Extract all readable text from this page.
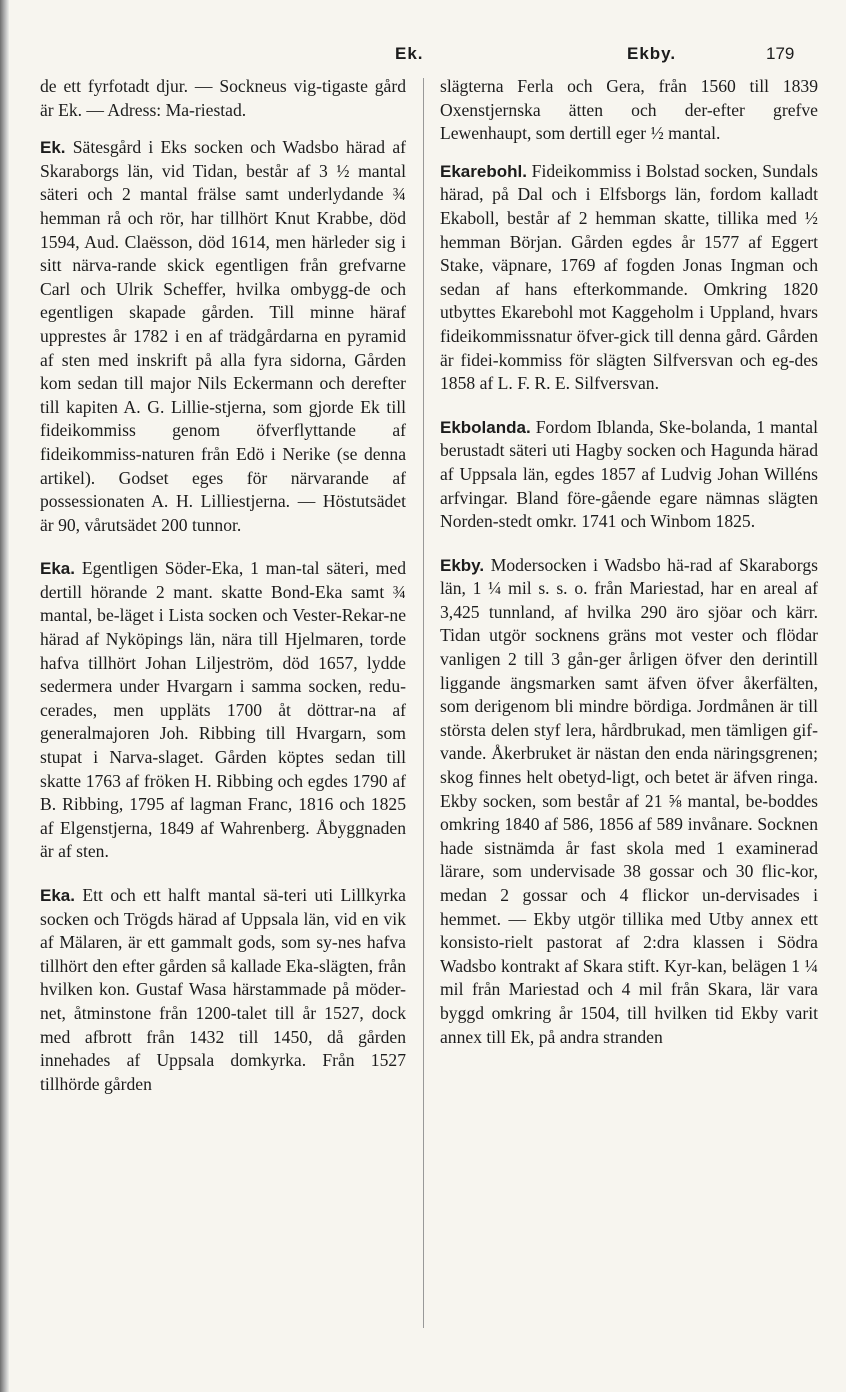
Ek.	Ekby.	179

de ett fyrfotadt djur. — Sockneus vig-tigaste gård är Ek. — Adress: Ma-riestad.

Ek. Sätesgård i Eks socken och Wadsbo härad af Skaraborgs län, vid Tidan, består af 3 ½ mantal säteri och 2 mantal frälse samt underlydande ¾ hemman rå och rör, har tillhört Knut Krabbe, död 1594, Aud. Claësson, död 1614, men härleder sig i sitt närva-rande skick egentligen från grefvarne Carl och Ulrik Scheffer, hvilka ombygg-de och egentligen skapade gården. Till minne häraf upprestes år 1782 i en af trädgårdarna en pyramid af sten med inskrift på alla fyra sidorna, Gården kom sedan till major Nils Eckermann och derefter till kapiten A. G. Lillie-stjerna, som gjorde Ek till fideikommiss genom öfverflyttande af fideikommiss-naturen från Edö i Nerike (se denna artikel). Godset eges för närvarande af possessionaten A. H. Lilliestjerna. — Höstutsädet är 90, vårutsädet 200 tunnor.

Eka. Egentligen Söder-Eka, 1 man-tal säteri, med dertill hörande 2 mant. skatte Bond-Eka samt ¾ mantal, be-läget i Lista socken och Vester-Rekar-ne härad af Nyköpings län, nära till Hjelmaren, torde hafva tillhört Johan Liljeström, död 1657, lydde sedermera under Hvargarn i samma socken, redu-cerades, men uppläts 1700 åt döttrar-na af generalmajoren Joh. Ribbing till Hvargarn, som stupat i Narva-slaget. Gården köptes sedan till skatte 1763 af fröken H. Ribbing och egdes 1790 af B. Ribbing, 1795 af lagman Franc, 1816 och 1825 af Elgenstjerna, 1849 af Wahrenberg. Åbyggnaden är af sten.

Eka. Ett och ett halft mantal sä-teri uti Lillkyrka socken och Trögds härad af Uppsala län, vid en vik af Mälaren, är ett gammalt gods, som sy-nes hafva tillhört den efter gården så kallade Eka-slägten, från hvilken kon. Gustaf Wasa härstammade på möder-net, åtminstone från 1200-talet till år 1527, dock med afbrott från 1432 till 1450, då gården innehades af Uppsala domkyrka. Från 1527 tillhörde gården

slägterna Ferla och Gera, från 1560 till 1839 Oxenstjernska ätten och der-efter grefve Lewenhaupt, som dertill eger ½ mantal.

Ekarebohl. Fideikommiss i Bolstad socken, Sundals härad, på Dal och i Elfsborgs län, fordom kalladt Ekaboll, består af 2 hemman skatte, tillika med ½ hemman Början. Gården egdes år 1577 af Eggert Stake, väpnare, 1769 af fogden Jonas Ingman och sedan af hans efterkommande. Omkring 1820 utbyttes Ekarebohl mot Kaggeholm i Uppland, hvars fideikommissnatur öfver-gick till denna gård. Gården är fidei-kommiss för slägten Silfversvan och eg-des 1858 af L. F. R. E. Silfversvan.

Ekbolanda. Fordom Iblanda, Ske-bolanda, 1 mantal berustadt säteri uti Hagby socken och Hagunda härad af Uppsala län, egdes 1857 af Ludvig Johan Willéns arfvingar. Bland före-gående egare nämnas slägten Norden-stedt omkr. 1741 och Winbom 1825.

Ekby. Modersocken i Wadsbo hä-rad af Skaraborgs län, 1 ¼ mil s. s. o. från Mariestad, har en areal af 3,425 tunnland, af hvilka 290 äro sjöar och kärr. Tidan utgör socknens gräns mot vester och flödar vanligen 2 till 3 gån-ger årligen öfver den derintill liggande ängsmarken samt äfven öfver åkerfälten, som derigenom bli mindre bördiga. Jordmånen är till största delen styf lera, hårdbrukad, men tämligen gif-vande. Åkerbruket är nästan den enda näringsgrenen; skog finnes helt obetyd-ligt, och betet är äfven ringa. Ekby socken, som består af 21 ⅝ mantal, be-boddes omkring 1840 af 586, 1856 af 589 invånare. Socknen hade sistnämda år fast skola med 1 examinerad lärare, som undervisade 38 gossar och 30 flic-kor, medan 2 gossar och 4 flickor un-dervisades i hemmet. — Ekby utgör tillika med Utby annex ett konsisto-rielt pastorat af 2:dra klassen i Södra Wadsbo kontrakt af Skara stift. Kyr-kan, belägen 1 ¼ mil från Mariestad och 4 mil från Skara, lär vara byggd omkring år 1504, till hvilken tid Ekby varit annex till Ek, på andra stranden
